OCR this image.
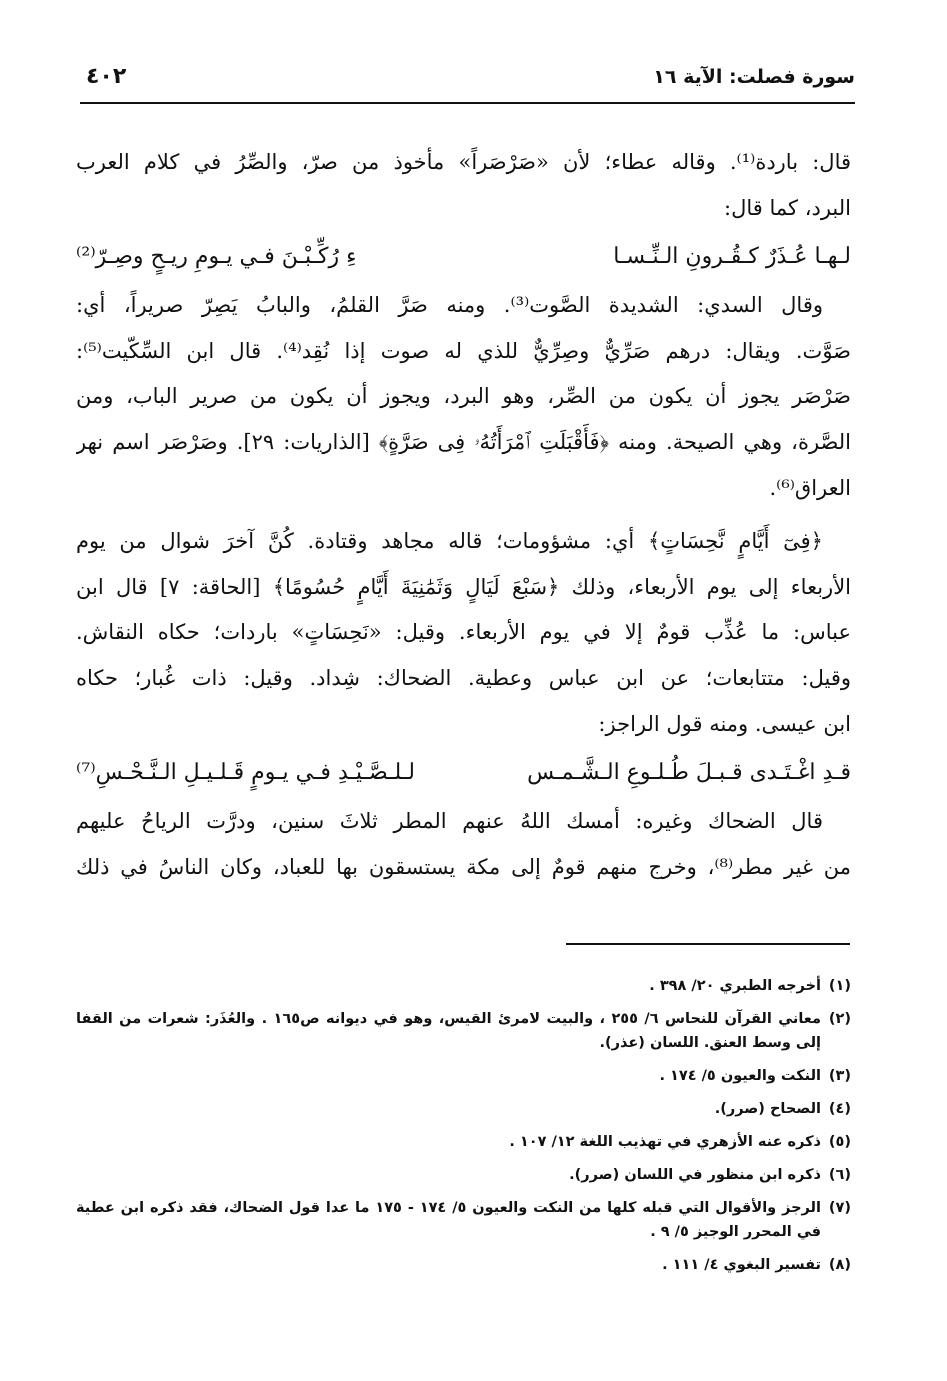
سورة فصلت: الآية ١٦
٤٠٢
قال: باردة⁽¹⁾. وقاله عطاء؛ لأن «صَرْصَراً» مأخوذ من صرّ، والصِّرُ في كلام العرب
البرد، كما قال:
لـهـا عُـذَرٌ كـقُـرونِ الـنِّـسـا
ءِ رُكِّـبْـنَ فـي يـومِ ريـحٍ وصِـرّ⁽²⁾
وقال السدي: الشديدة الصَّوت⁽³⁾. ومنه صَرَّ القلمُ، والبابُ يَصِرّ صريراً، أي:
صَوَّت. ويقال: درهم صَرِّيٌّ وصِرِّيٌّ للذي له صوت إذا نُقِد⁽⁴⁾. قال ابن السِّكّيت⁽⁵⁾:
صَرْصَر يجوز أن يكون من الصِّر، وهو البرد، ويجوز أن يكون من صرير الباب، ومن
الصَّرة، وهي الصيحة. ومنه ﴿فَأَقْبَلَتِ ٱمْرَأَتُهُۥ فِى صَرَّةٍ﴾ [الذاريات: ٢٩]. وصَرْصَر اسم نهر
العراق⁽⁶⁾.
﴿فِىٓ أَيَّامٍ نَّحِسَاتٍ﴾ أي: مشؤومات؛ قاله مجاهد وقتادة. كُنَّ آخرَ شوال من يوم
الأربعاء إلى يوم الأربعاء، وذلك ﴿سَبْعَ لَيَالٍ وَثَمَٰنِيَةَ أَيَّامٍ حُسُومًا﴾ [الحاقة: ٧] قال ابن
عباس: ما عُذِّب قومٌ إلا في يوم الأربعاء. وقيل: «نَحِسَاتٍ» باردات؛ حكاه النقاش.
وقيل: متتابعات؛ عن ابن عباس وعطية. الضحاك: شِداد. وقيل: ذات غُبار؛ حكاه
ابن عيسى. ومنه قول الراجز:
قـدِ اغْـتَـدى قـبـلَ طُـلـوعِ الـشَّـمـس
لـلـصَّـيْـدِ فـي يـومٍ قَـلـيـلِ الـنَّـحْـسِ⁽⁷⁾
قال الضحاك وغيره: أمسك اللهُ عنهم المطر ثلاثَ سنين، ودرَّت الرياحُ عليهم
من غير مطر⁽⁸⁾، وخرج منهم قومٌ إلى مكة يستسقون بها للعباد، وكان الناسُ في ذلك
(١)
أخرجه الطبري ٢٠/ ٣٩٨ .
(٢)
معاني القرآن للنحاس ٦/ ٢٥٥ ، والبيت لامرئ القيس، وهو في ديوانه ص١٦٥ . والعُذَر: شعرات من القفا إلى وسط العنق. اللسان (عذر).
(٣)
النكت والعيون ٥/ ١٧٤ .
(٤)
الصحاح (صرر).
(٥)
ذكره عنه الأزهري في تهذيب اللغة ١٢/ ١٠٧ .
(٦)
ذكره ابن منظور في اللسان (صرر).
(٧)
الرجز والأقوال التي قبله كلها من النكت والعيون ٥/ ١٧٤ - ١٧٥ ما عدا قول الضحاك، فقد ذكره ابن عطية في المحرر الوجيز ٥/ ٩ .
(٨)
تفسير البغوي ٤/ ١١١ .
